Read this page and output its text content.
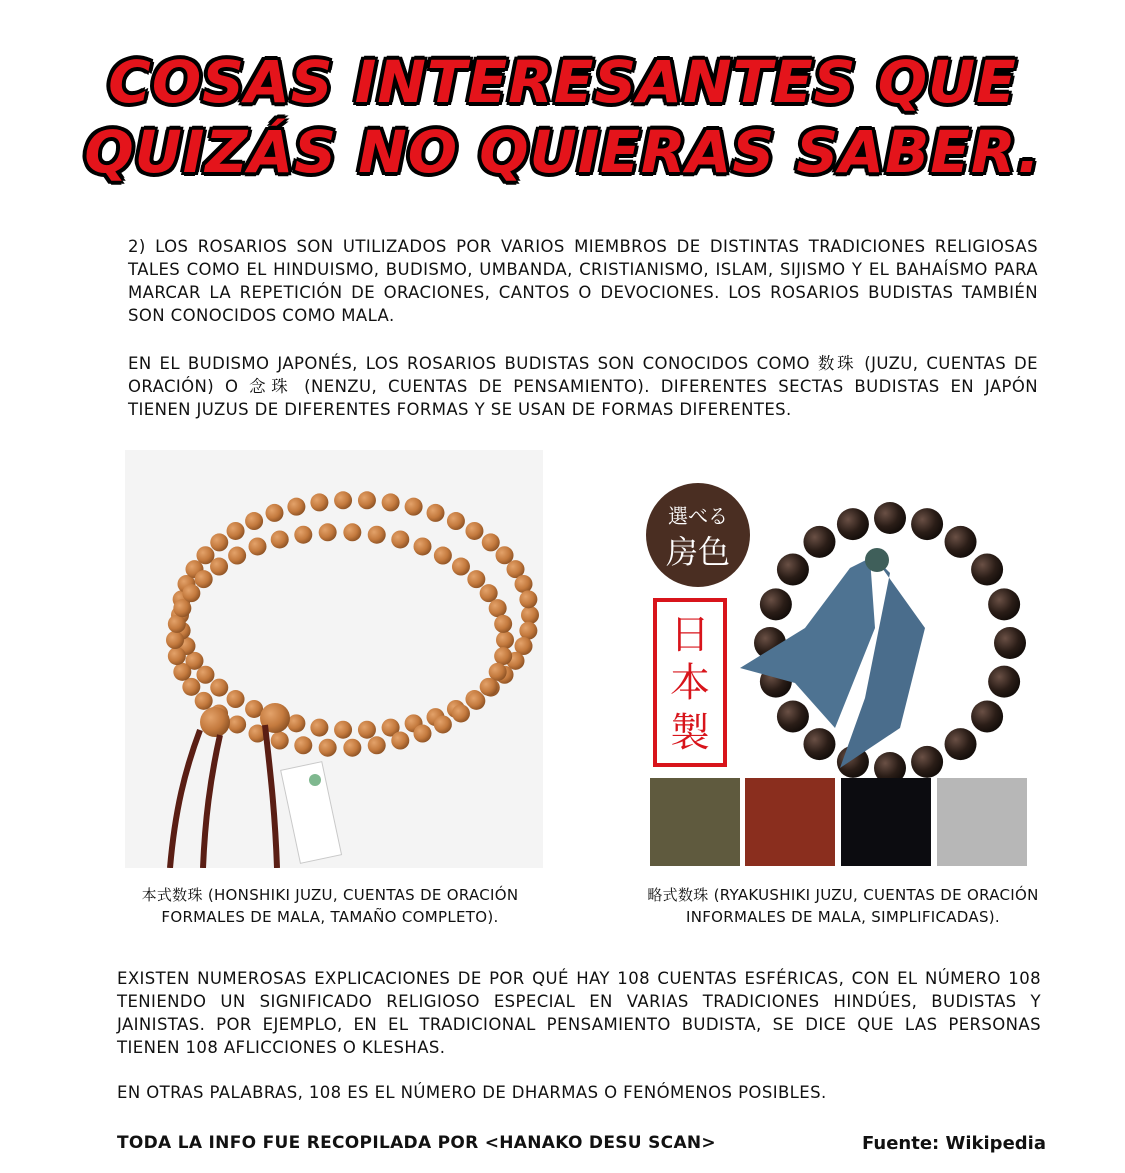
COSAS INTERESANTES QUE
QUIZÁS NO QUIERAS SABER.

2) LOS ROSARIOS SON UTILIZADOS POR VARIOS MIEMBROS DE DISTINTAS TRADICIONES RELIGIOSAS TALES COMO EL HINDUISMO, BUDISMO, UMBANDA, CRISTIANISMO, ISLAM, SIJISMO Y EL BAHAÍSMO PARA MARCAR LA REPETICIÓN DE ORACIONES, CANTOS O DEVOCIONES. LOS ROSARIOS BUDISTAS TAMBIÉN SON CONOCIDOS COMO MALA.

EN EL BUDISMO JAPONÉS, LOS ROSARIOS BUDISTAS SON CONOCIDOS COMO 数珠 (JUZU, CUENTAS DE ORACIÓN) O 念珠 (NENZU, CUENTAS DE PENSAMIENTO). DIFERENTES SECTAS BUDISTAS EN JAPÓN TIENEN JUZUS DE DIFERENTES FORMAS Y SE USAN DE FORMAS DIFERENTES.

選べる
房色
日
本
製
本式数珠 (HONSHIKI JUZU, CUENTAS DE ORACIÓN FORMALES DE MALA, TAMAÑO COMPLETO).
略式数珠 (RYAKUSHIKI JUZU, CUENTAS DE ORACIÓN INFORMALES DE MALA, SIMPLIFICADAS).

EXISTEN NUMEROSAS EXPLICACIONES DE POR QUÉ HAY 108 CUENTAS ESFÉRICAS, CON EL NÚMERO 108 TENIENDO UN SIGNIFICADO RELIGIOSO ESPECIAL EN VARIAS TRADICIONES HINDÚES, BUDISTAS Y JAINISTAS. POR EJEMPLO, EN EL TRADICIONAL PENSAMIENTO BUDISTA, SE DICE QUE LAS PERSONAS TIENEN 108 AFLICCIONES O KLESHAS.

EN OTRAS PALABRAS, 108 ES EL NÚMERO DE DHARMAS O FENÓMENOS POSIBLES.

TODA LA INFO FUE RECOPILADA POR <HANAKO DESU SCAN>	Fuente: Wikipedia
